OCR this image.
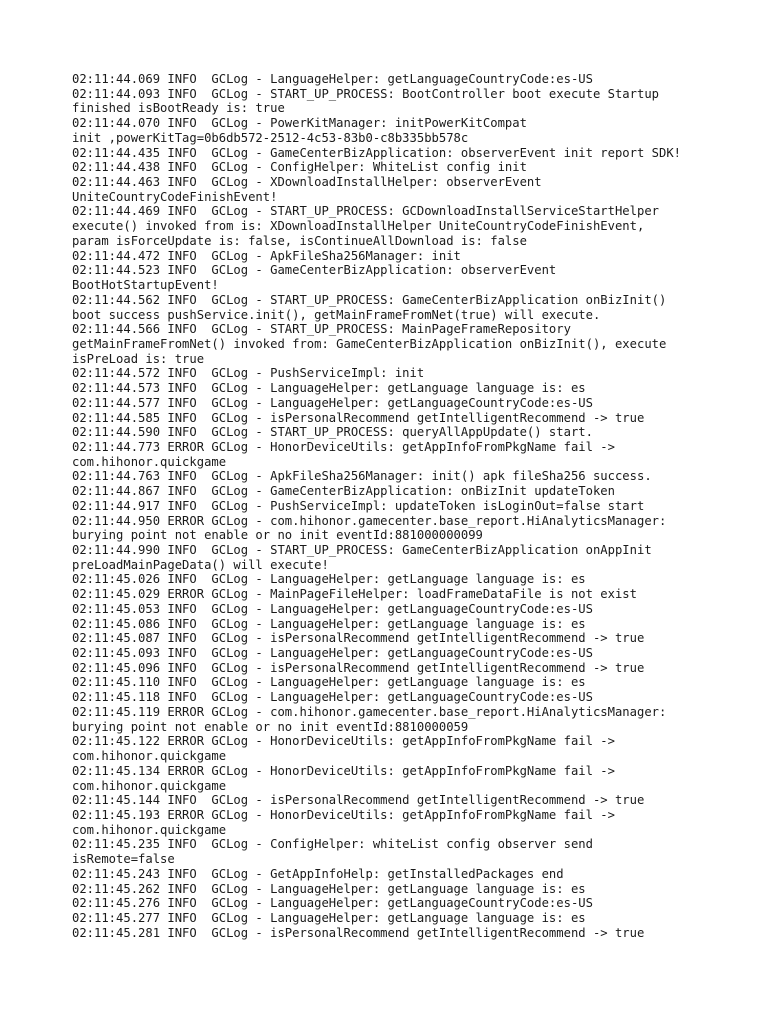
02:11:44.069 INFO  GCLog - LanguageHelper: getLanguageCountryCode:es-US
02:11:44.093 INFO  GCLog - START_UP_PROCESS: BootController boot execute Startup
finished isBootReady is: true
02:11:44.070 INFO  GCLog - PowerKitManager: initPowerKitCompat
init ,powerKitTag=0b6db572-2512-4c53-83b0-c8b335bb578c
02:11:44.435 INFO  GCLog - GameCenterBizApplication: observerEvent init report SDK!
02:11:44.438 INFO  GCLog - ConfigHelper: WhiteList config init
02:11:44.463 INFO  GCLog - XDownloadInstallHelper: observerEvent
UniteCountryCodeFinishEvent!
02:11:44.469 INFO  GCLog - START_UP_PROCESS: GCDownloadInstallServiceStartHelper
execute() invoked from is: XDownloadInstallHelper UniteCountryCodeFinishEvent,
param isForceUpdate is: false, isContinueAllDownload is: false
02:11:44.472 INFO  GCLog - ApkFileSha256Manager: init
02:11:44.523 INFO  GCLog - GameCenterBizApplication: observerEvent
BootHotStartupEvent!
02:11:44.562 INFO  GCLog - START_UP_PROCESS: GameCenterBizApplication onBizInit()
boot success pushService.init(), getMainFrameFromNet(true) will execute.
02:11:44.566 INFO  GCLog - START_UP_PROCESS: MainPageFrameRepository
getMainFrameFromNet() invoked from: GameCenterBizApplication onBizInit(), execute
isPreLoad is: true
02:11:44.572 INFO  GCLog - PushServiceImpl: init
02:11:44.573 INFO  GCLog - LanguageHelper: getLanguage language is: es
02:11:44.577 INFO  GCLog - LanguageHelper: getLanguageCountryCode:es-US
02:11:44.585 INFO  GCLog - isPersonalRecommend getIntelligentRecommend -> true
02:11:44.590 INFO  GCLog - START_UP_PROCESS: queryAllAppUpdate() start.
02:11:44.773 ERROR GCLog - HonorDeviceUtils: getAppInfoFromPkgName fail ->
com.hihonor.quickgame
02:11:44.763 INFO  GCLog - ApkFileSha256Manager: init() apk fileSha256 success.
02:11:44.867 INFO  GCLog - GameCenterBizApplication: onBizInit updateToken
02:11:44.917 INFO  GCLog - PushServiceImpl: updateToken isLoginOut=false start
02:11:44.950 ERROR GCLog - com.hihonor.gamecenter.base_report.HiAnalyticsManager:
burying point not enable or no init eventId:881000000099
02:11:44.990 INFO  GCLog - START_UP_PROCESS: GameCenterBizApplication onAppInit
preLoadMainPageData() will execute!
02:11:45.026 INFO  GCLog - LanguageHelper: getLanguage language is: es
02:11:45.029 ERROR GCLog - MainPageFileHelper: loadFrameDataFile is not exist
02:11:45.053 INFO  GCLog - LanguageHelper: getLanguageCountryCode:es-US
02:11:45.086 INFO  GCLog - LanguageHelper: getLanguage language is: es
02:11:45.087 INFO  GCLog - isPersonalRecommend getIntelligentRecommend -> true
02:11:45.093 INFO  GCLog - LanguageHelper: getLanguageCountryCode:es-US
02:11:45.096 INFO  GCLog - isPersonalRecommend getIntelligentRecommend -> true
02:11:45.110 INFO  GCLog - LanguageHelper: getLanguage language is: es
02:11:45.118 INFO  GCLog - LanguageHelper: getLanguageCountryCode:es-US
02:11:45.119 ERROR GCLog - com.hihonor.gamecenter.base_report.HiAnalyticsManager:
burying point not enable or no init eventId:8810000059
02:11:45.122 ERROR GCLog - HonorDeviceUtils: getAppInfoFromPkgName fail ->
com.hihonor.quickgame
02:11:45.134 ERROR GCLog - HonorDeviceUtils: getAppInfoFromPkgName fail ->
com.hihonor.quickgame
02:11:45.144 INFO  GCLog - isPersonalRecommend getIntelligentRecommend -> true
02:11:45.193 ERROR GCLog - HonorDeviceUtils: getAppInfoFromPkgName fail ->
com.hihonor.quickgame
02:11:45.235 INFO  GCLog - ConfigHelper: whiteList config observer send
isRemote=false
02:11:45.243 INFO  GCLog - GetAppInfoHelp: getInstalledPackages end
02:11:45.262 INFO  GCLog - LanguageHelper: getLanguage language is: es
02:11:45.276 INFO  GCLog - LanguageHelper: getLanguageCountryCode:es-US
02:11:45.277 INFO  GCLog - LanguageHelper: getLanguage language is: es
02:11:45.281 INFO  GCLog - isPersonalRecommend getIntelligentRecommend -> true
